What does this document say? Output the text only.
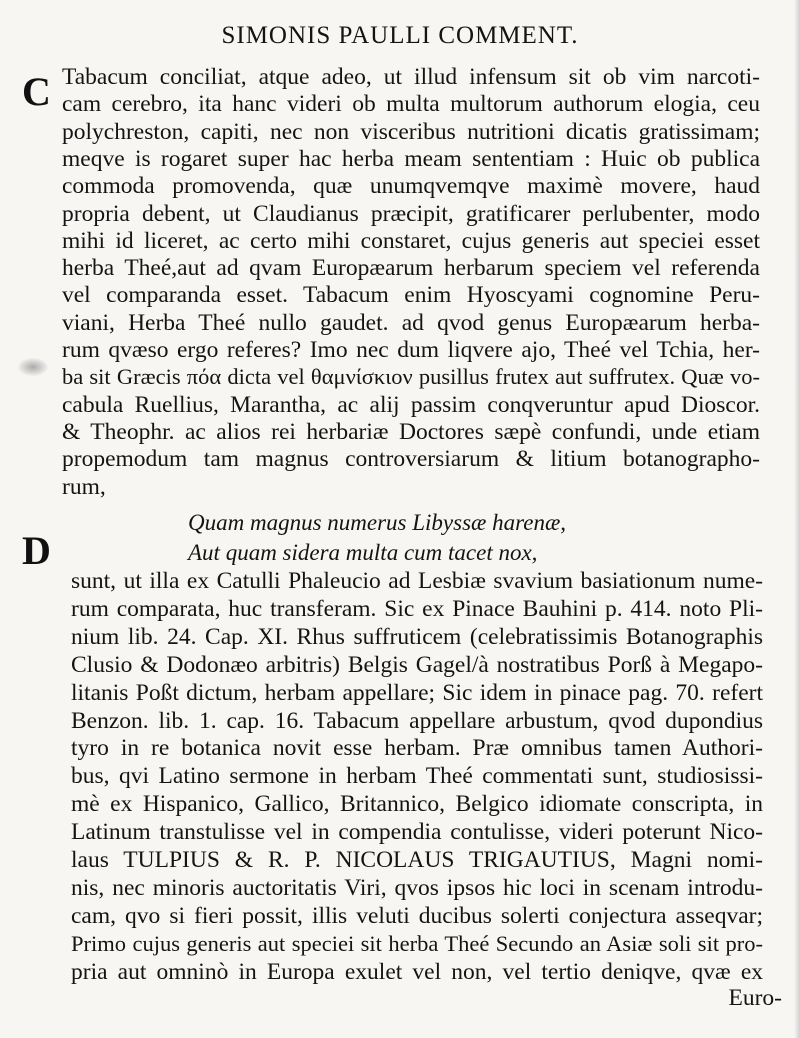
SIMONIS PAULLI COMMENT.
C
D
Tabacum conciliat, atque adeo, ut illud infensum sit ob vim narcoti-
cam cerebro, ita hanc videri ob multa multorum authorum elogia, ceu
polychreston, capiti, nec non visceribus nutritioni dicatis gratissimam;
meqve is rogaret super hac herba meam sententiam : Huic ob publica
commoda promovenda, quæ unumqvemqve maximè movere, haud
propria debent, ut Claudianus præcipit, gratificarer perlubenter, modo
mihi id liceret, ac certo mihi constaret, cujus generis aut speciei esset
herba Theé,aut ad qvam Europæarum herbarum speciem vel referenda
vel comparanda esset. Tabacum enim Hyoscyami cognomine Peru-
viani, Herba Theé nullo gaudet. ad qvod genus Europæarum herba-
rum qvæso ergo referes? Imo nec dum liqvere ajo, Theé vel Tchia, her-
ba sit Græcis πόα dicta vel θαμνίσκιον pusillus frutex aut suffrutex. Quæ vo-
cabula Ruellius, Marantha, ac alij passim conqveruntur apud Dioscor.
& Theophr. ac alios rei herbariæ Doctores sæpè confundi, unde etiam
propemodum tam magnus controversiarum & litium botanographo-
rum,
Quam magnus numerus Libyssæ harenæ,
Aut quam sidera multa cum tacet nox,
sunt, ut illa ex Catulli Phaleucio ad Lesbiæ svavium basiationum nume-
rum comparata, huc transferam. Sic ex Pinace Bauhini p. 414. noto Pli-
nium lib. 24. Cap. XI. Rhus suffruticem (celebratissimis Botanographis
Clusio & Dodonæo arbitris) Belgis Gagel/à nostratibus Porß à Megapo-
litanis Poßt dictum, herbam appellare; Sic idem in pinace pag. 70. refert
Benzon. lib. 1. cap. 16. Tabacum appellare arbustum, qvod dupondius
tyro in re botanica novit esse herbam. Præ omnibus tamen Authori-
bus, qvi Latino sermone in herbam Theé commentati sunt, studiosissi-
mè ex Hispanico, Gallico, Britannico, Belgico idiomate conscripta, in
Latinum transtulisse vel in compendia contulisse, videri poterunt Nico-
laus TULPIUS & R. P. NICOLAUS TRIGAUTIUS, Magni nomi-
nis, nec minoris auctoritatis Viri, qvos ipsos hic loci in scenam introdu-
cam, qvo si fieri possit, illis veluti ducibus solerti conjectura asseqvar;
Primo cujus generis aut speciei sit herba Theé Secundo an Asiæ soli sit pro-
pria aut omninò in Europa exulet vel non, vel tertio deniqve, qvæ ex
Euro-
